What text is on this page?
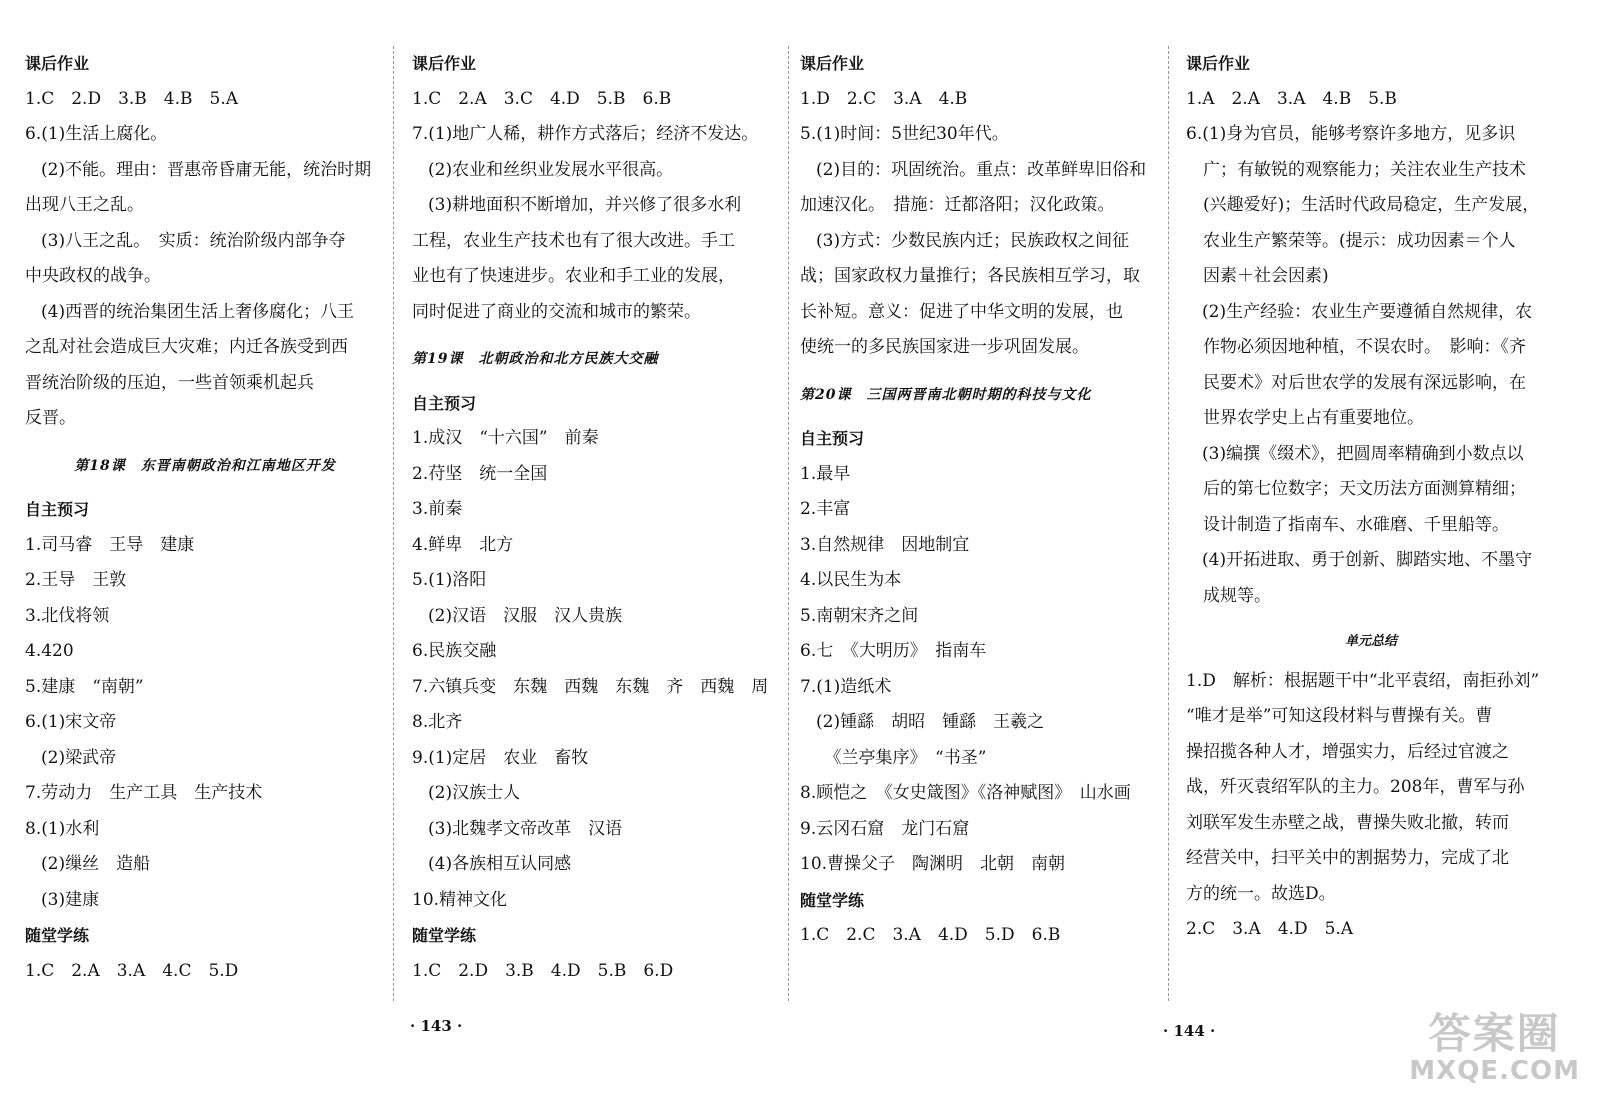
课后作业
1.C　2.D　3.B　4.B　5.A
6.(1)生活上腐化。
(2)不能。理由：晋惠帝昏庸无能，统治时期
出现八王之乱。
(3)八王之乱。　实质：统治阶级内部争夺
中央政权的战争。
(4)西晋的统治集团生活上奢侈腐化；八王
之乱对社会造成巨大灾难；内迁各族受到西
晋统治阶级的压迫，一些首领乘机起兵
反晋。
第18课　东晋南朝政治和江南地区开发
自主预习
1.司马睿　王导　建康
2.王导　王敦
3.北伐将领
4.420
5.建康　“南朝”
6.(1)宋文帝
(2)梁武帝
7.劳动力　生产工具　生产技术
8.(1)水利
(2)缫丝　造船
(3)建康
随堂学练
1.C　2.A　3.A　4.C　5.D
课后作业
1.C　2.A　3.C　4.D　5.B　6.B
7.(1)地广人稀，耕作方式落后；经济不发达。
(2)农业和丝织业发展水平很高。
(3)耕地面积不断增加，并兴修了很多水利
工程，农业生产技术也有了很大改进。手工
业也有了快速进步。农业和手工业的发展，
同时促进了商业的交流和城市的繁荣。
第19课　北朝政治和北方民族大交融
自主预习
1.成汉　“十六国”　前秦
2.苻坚　统一全国
3.前秦
4.鲜卑　北方
5.(1)洛阳
(2)汉语　汉服　汉人贵族
6.民族交融
7.六镇兵变　东魏　西魏　东魏　齐　西魏　周
8.北齐
9.(1)定居　农业　畜牧
(2)汉族士人
(3)北魏孝文帝改革　汉语
(4)各族相互认同感
10.精神文化
随堂学练
1.C　2.D　3.B　4.D　5.B　6.D
课后作业
1.D　2.C　3.A　4.B
5.(1)时间：5世纪30年代。
(2)目的：巩固统治。重点：改革鲜卑旧俗和
加速汉化。　措施：迁都洛阳；汉化政策。
(3)方式：少数民族内迁；民族政权之间征
战；国家政权力量推行；各民族相互学习，取
长补短。意义：促进了中华文明的发展，也
使统一的多民族国家进一步巩固发展。
第20课　三国两晋南北朝时期的科技与文化
自主预习
1.最早
2.丰富
3.自然规律　因地制宜
4.以民生为本
5.南朝宋齐之间
6.七　《大明历》　指南车
7.(1)造纸术
(2)锺繇　胡昭　锺繇　王羲之
　《兰亭集序》　“书圣”
8.顾恺之　《女史箴图》《洛神赋图》　山水画
9.云冈石窟　龙门石窟
10.曹操父子　陶渊明　北朝　南朝
随堂学练
1.C　2.C　3.A　4.D　5.D　6.B
课后作业
1.A　2.A　3.A　4.B　5.B
6.(1)身为官员，能够考察许多地方，见多识
　广；有敏锐的观察能力；关注农业生产技术
　(兴趣爱好)；生活时代政局稳定，生产发展，
　农业生产繁荣等。(提示：成功因素＝个人
　因素＋社会因素)
(2)生产经验：农业生产要遵循自然规律，农
　作物必须因地种植，不误农时。　影响：《齐
　民要术》对后世农学的发展有深远影响，在
　世界农学史上占有重要地位。
(3)编撰《缀术》，把圆周率精确到小数点以
　后的第七位数字；天文历法方面测算精细；
　设计制造了指南车、水碓磨、千里船等。
(4)开拓进取、勇于创新、脚踏实地、不墨守
　成规等。
单元总结
1.D　解析：根据题干中“北平袁绍，南拒孙刘”
“唯才是举”可知这段材料与曹操有关。曹
操招揽各种人才，增强实力，后经过官渡之
战，歼灭袁绍军队的主力。208年，曹军与孙
刘联军发生赤壁之战，曹操失败北撤，转而
经营关中，扫平关中的割据势力，完成了北
方的统一。故选D。
2.C　3.A　4.D　5.A
· 143 ·	· 144 ·	答案圈
MXQE.COM
